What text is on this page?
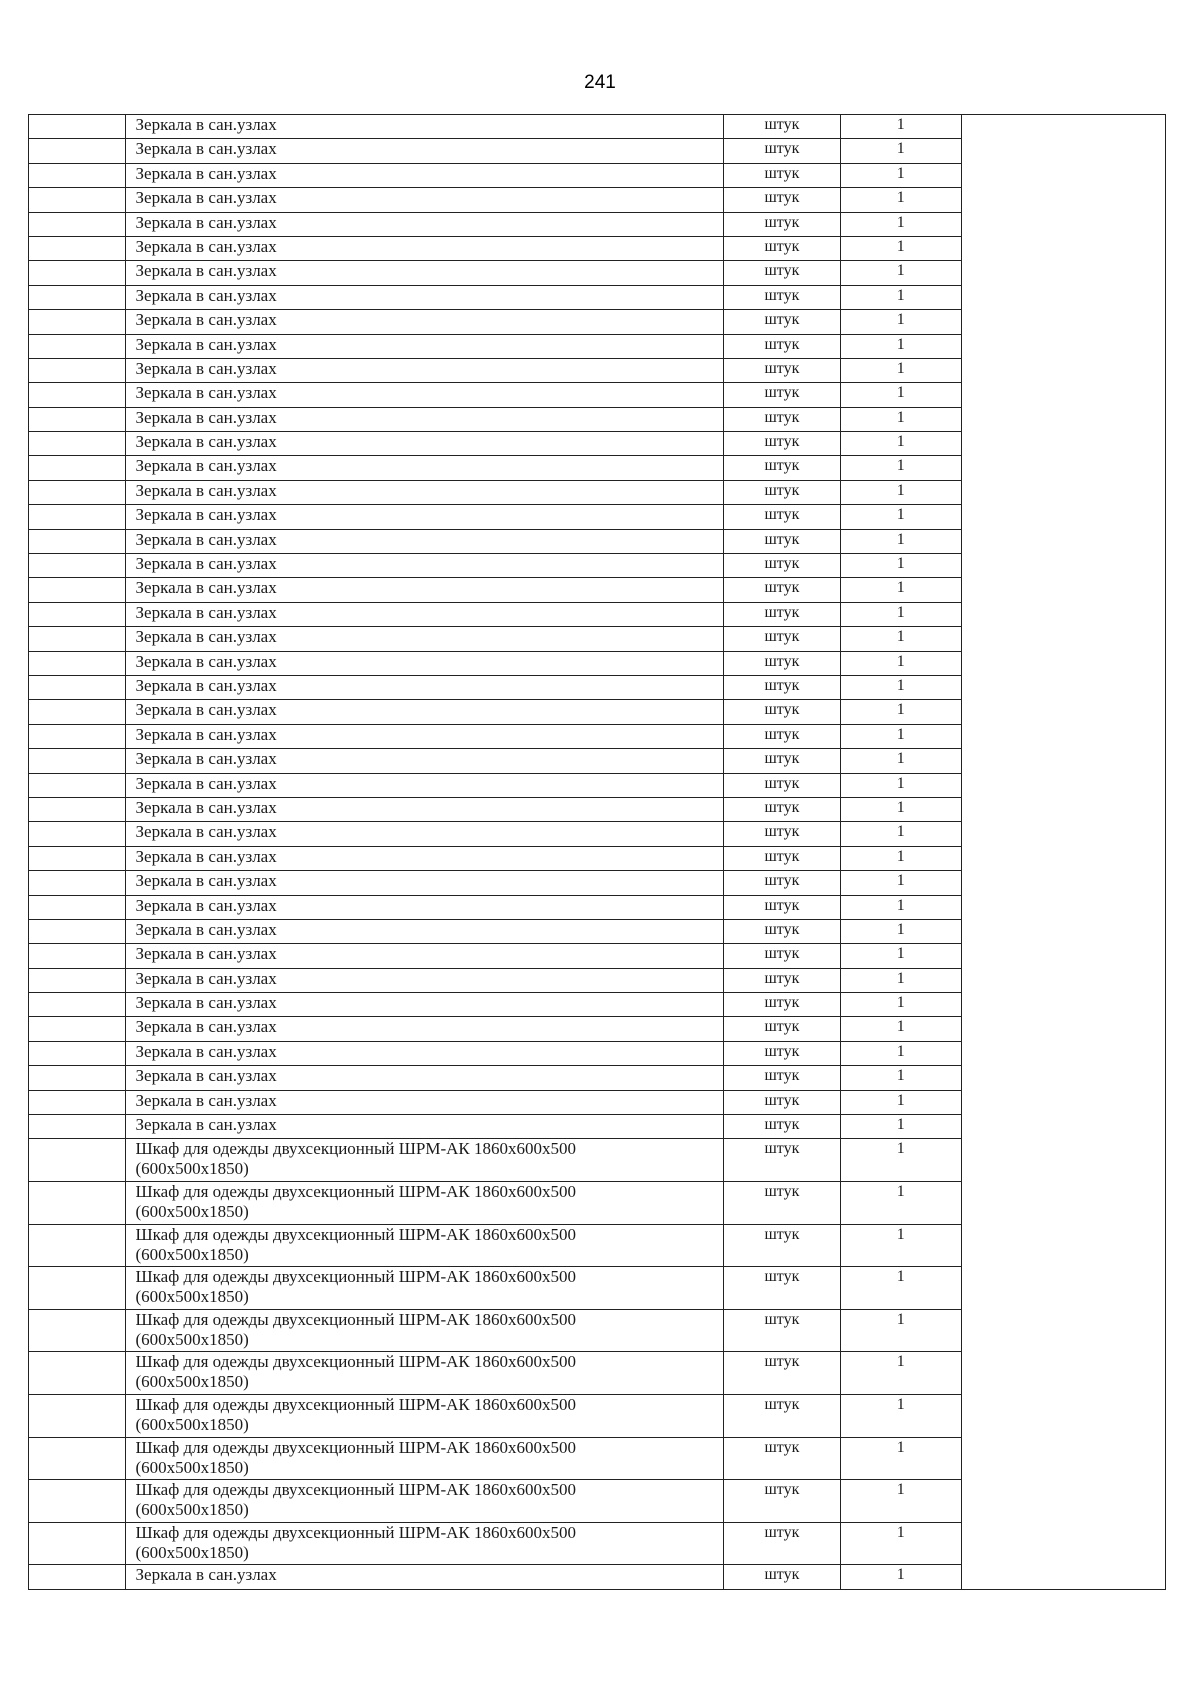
241
	Зеркала в сан.узлах	штук	1	
	Зеркала в сан.узлах	штук	1	
	Зеркала в сан.узлах	штук	1	
	Зеркала в сан.узлах	штук	1	
	Зеркала в сан.узлах	штук	1	
	Зеркала в сан.узлах	штук	1	
	Зеркала в сан.узлах	штук	1	
	Зеркала в сан.узлах	штук	1	
	Зеркала в сан.узлах	штук	1	
	Зеркала в сан.узлах	штук	1	
	Зеркала в сан.узлах	штук	1	
	Зеркала в сан.узлах	штук	1	
	Зеркала в сан.узлах	штук	1	
	Зеркала в сан.узлах	штук	1	
	Зеркала в сан.узлах	штук	1	
	Зеркала в сан.узлах	штук	1	
	Зеркала в сан.узлах	штук	1	
	Зеркала в сан.узлах	штук	1	
	Зеркала в сан.узлах	штук	1	
	Зеркала в сан.узлах	штук	1	
	Зеркала в сан.узлах	штук	1	
	Зеркала в сан.узлах	штук	1	
	Зеркала в сан.узлах	штук	1	
	Зеркала в сан.узлах	штук	1	
	Зеркала в сан.узлах	штук	1	
	Зеркала в сан.узлах	штук	1	
	Зеркала в сан.узлах	штук	1	
	Зеркала в сан.узлах	штук	1	
	Зеркала в сан.узлах	штук	1	
	Зеркала в сан.узлах	штук	1	
	Зеркала в сан.узлах	штук	1	
	Зеркала в сан.узлах	штук	1	
	Зеркала в сан.узлах	штук	1	
	Зеркала в сан.узлах	штук	1	
	Зеркала в сан.узлах	штук	1	
	Зеркала в сан.узлах	штук	1	
	Зеркала в сан.узлах	штук	1	
	Зеркала в сан.узлах	штук	1	
	Зеркала в сан.узлах	штук	1	
	Зеркала в сан.узлах	штук	1	
	Зеркала в сан.узлах	штук	1	
	Зеркала в сан.узлах	штук	1	
	Шкаф для одежды двухсекционный ШРМ-АК 1860х600х500 (600х500х1850)	штук	1	
	Шкаф для одежды двухсекционный ШРМ-АК 1860х600х500 (600х500х1850)	штук	1	
	Шкаф для одежды двухсекционный ШРМ-АК 1860х600х500 (600х500х1850)	штук	1	
	Шкаф для одежды двухсекционный ШРМ-АК 1860х600х500 (600х500х1850)	штук	1	
	Шкаф для одежды двухсекционный ШРМ-АК 1860х600х500 (600х500х1850)	штук	1	
	Шкаф для одежды двухсекционный ШРМ-АК 1860х600х500 (600х500х1850)	штук	1	
	Шкаф для одежды двухсекционный ШРМ-АК 1860х600х500 (600х500х1850)	штук	1	
	Шкаф для одежды двухсекционный ШРМ-АК 1860х600х500 (600х500х1850)	штук	1	
	Шкаф для одежды двухсекционный ШРМ-АК 1860х600х500 (600х500х1850)	штук	1	
	Шкаф для одежды двухсекционный ШРМ-АК 1860х600х500 (600х500х1850)	штук	1	
	Зеркала в сан.узлах	штук	1	
